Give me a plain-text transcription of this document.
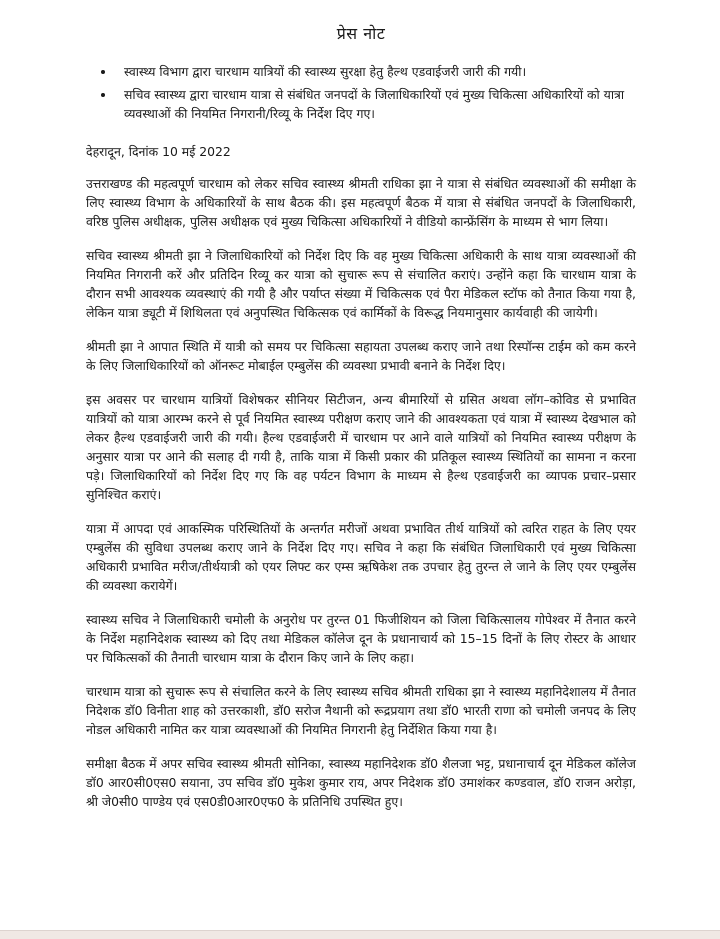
प्रेस नोट
• स्वास्थ्य विभाग द्वारा चारधाम यात्रियों की स्वास्थ्य सुरक्षा हेतु हैल्थ एडवाईजरी जारी की गयी।
• सचिव स्वास्थ्य द्वारा चारधाम यात्रा से संबंधित जनपदों के जिलाधिकारियों एवं मुख्य चिकित्सा अधिकारियों को यात्रा व्यवस्थाओं की नियमित निगरानी/रिव्यू के निर्देश दिए गए।
देहरादून, दिनांक 10 मई 2022

उत्तराखण्ड की महत्वपूर्ण चारधाम को लेकर सचिव स्वास्थ्य श्रीमती राधिका झा ने यात्रा से संबंधित व्यवस्थाओं की समीक्षा के लिए स्वास्थ्य विभाग के अधिकारियों के साथ बैठक की। इस महत्वपूर्ण बैठक में यात्रा से संबंधित जनपदों के जिलाधिकारी, वरिष्ठ पुलिस अधीक्षक, पुलिस अधीक्षक एवं मुख्य चिकित्सा अधिकारियों ने वीडियो कान्फ्रेंसिंग के माध्यम से भाग लिया।

सचिव स्वास्थ्य श्रीमती झा ने जिलाधिकारियों को निर्देश दिए कि वह मुख्य चिकित्सा अधिकारी के साथ यात्रा व्यवस्थाओं की नियमित निगरानी करें और प्रतिदिन रिव्यू कर यात्रा को सुचारू रूप से संचालित कराएं। उन्होंने कहा कि चारधाम यात्रा के दौरान सभी आवश्यक व्यवस्थाएं की गयी है और पर्याप्त संख्या में चिकित्सक एवं पैरा मेडिकल स्टॉफ को तैनात किया गया है, लेकिन यात्रा ड्यूटी में शिथिलता एवं अनुपस्थित चिकित्सक एवं कार्मिकों के विरूद्ध नियमानुसार कार्यवाही की जायेगी।

श्रीमती झा ने आपात स्थिति में यात्री को समय पर चिकित्सा सहायता उपलब्ध कराए जाने तथा रिस्पॉन्स टाईम को कम करने के लिए जिलाधिकारियों को ऑनरूट मोबाईल एम्बुलेंस की व्यवस्था प्रभावी बनाने के निर्देश दिए।

इस अवसर पर चारधाम यात्रियों विशेषकर सीनियर सिटीजन, अन्य बीमारियों से ग्रसित अथवा लॉग–कोविड से प्रभावित यात्रियों को यात्रा आरम्भ करने से पूर्व नियमित स्वास्थ्य परीक्षण कराए जाने की आवश्यकता एवं यात्रा में स्वास्थ्य देखभाल को लेकर हैल्थ एडवाईजरी जारी की गयी। हैल्थ एडवाईजरी में चारधाम पर आने वाले यात्रियों को नियमित स्वास्थ्य परीक्षण के अनुसार यात्रा पर आने की सलाह दी गयी है, ताकि यात्रा में किसी प्रकार की प्रतिकूल स्वास्थ्य स्थितियों का सामना न करना पड़े। जिलाधिकारियों को निर्देश दिए गए कि वह पर्यटन विभाग के माध्यम से हैल्थ एडवाईजरी का व्यापक प्रचार–प्रसार सुनिश्चित कराएं।

यात्रा में आपदा एवं आकस्मिक परिस्थितियों के अन्तर्गत मरीजों अथवा प्रभावित तीर्थ यात्रियों को त्वरित राहत के लिए एयर एम्बुलेंस की सुविधा उपलब्ध कराए जाने के निर्देश दिए गए। सचिव ने कहा कि संबंधित जिलाधिकारी एवं मुख्य चिकित्सा अधिकारी प्रभावित मरीज/तीर्थयात्री को एयर लिफ्ट कर एम्स ऋषिकेश तक उपचार हेतु तुरन्त ले जाने के लिए एयर एम्बुलेंस की व्यवस्था करायेगें।

स्वास्थ्य सचिव ने जिलाधिकारी चमोली के अनुरोध पर तुरन्त 01 फिजीशियन को जिला चिकित्सालय गोपेश्वर में तैनात करने के निर्देश महानिदेशक स्वास्थ्य को दिए तथा मेडिकल कॉलेज दून के प्रधानाचार्य को 15–15 दिनों के लिए रोस्टर के आधार पर चिकित्सकों की तैनाती चारधाम यात्रा के दौरान किए जाने के लिए कहा।

चारधाम यात्रा को सुचारू रूप से संचालित करने के लिए स्वास्थ्य सचिव श्रीमती राधिका झा ने स्वास्थ्य महानिदेशालय में तैनात निदेशक डॉ0 विनीता शाह को उत्तरकाशी, डॉ0 सरोज नैथानी को रूद्रप्रयाग तथा डॉ0 भारती राणा को चमोली जनपद के लिए नोडल अधिकारी नामित कर यात्रा व्यवस्थाओं की नियमित निगरानी हेतु निर्देशित किया गया है।

समीक्षा बैठक में अपर सचिव स्वास्थ्य श्रीमती सोनिका, स्वास्थ्य महानिदेशक डॉ0 शैलजा भट्ट, प्रधानाचार्य दून मेडिकल कॉलेज डॉ0 आर0सी0एस0 सयाना, उप सचिव डॉ0 मुकेश कुमार राय, अपर निदेशक डॉ0 उमाशंकर कण्डवाल, डॉ0 राजन अरोड़ा, श्री जे0सी0 पाण्डेय एवं एस0डी0आर0एफ0 के प्रतिनिधि उपस्थित हुए।
